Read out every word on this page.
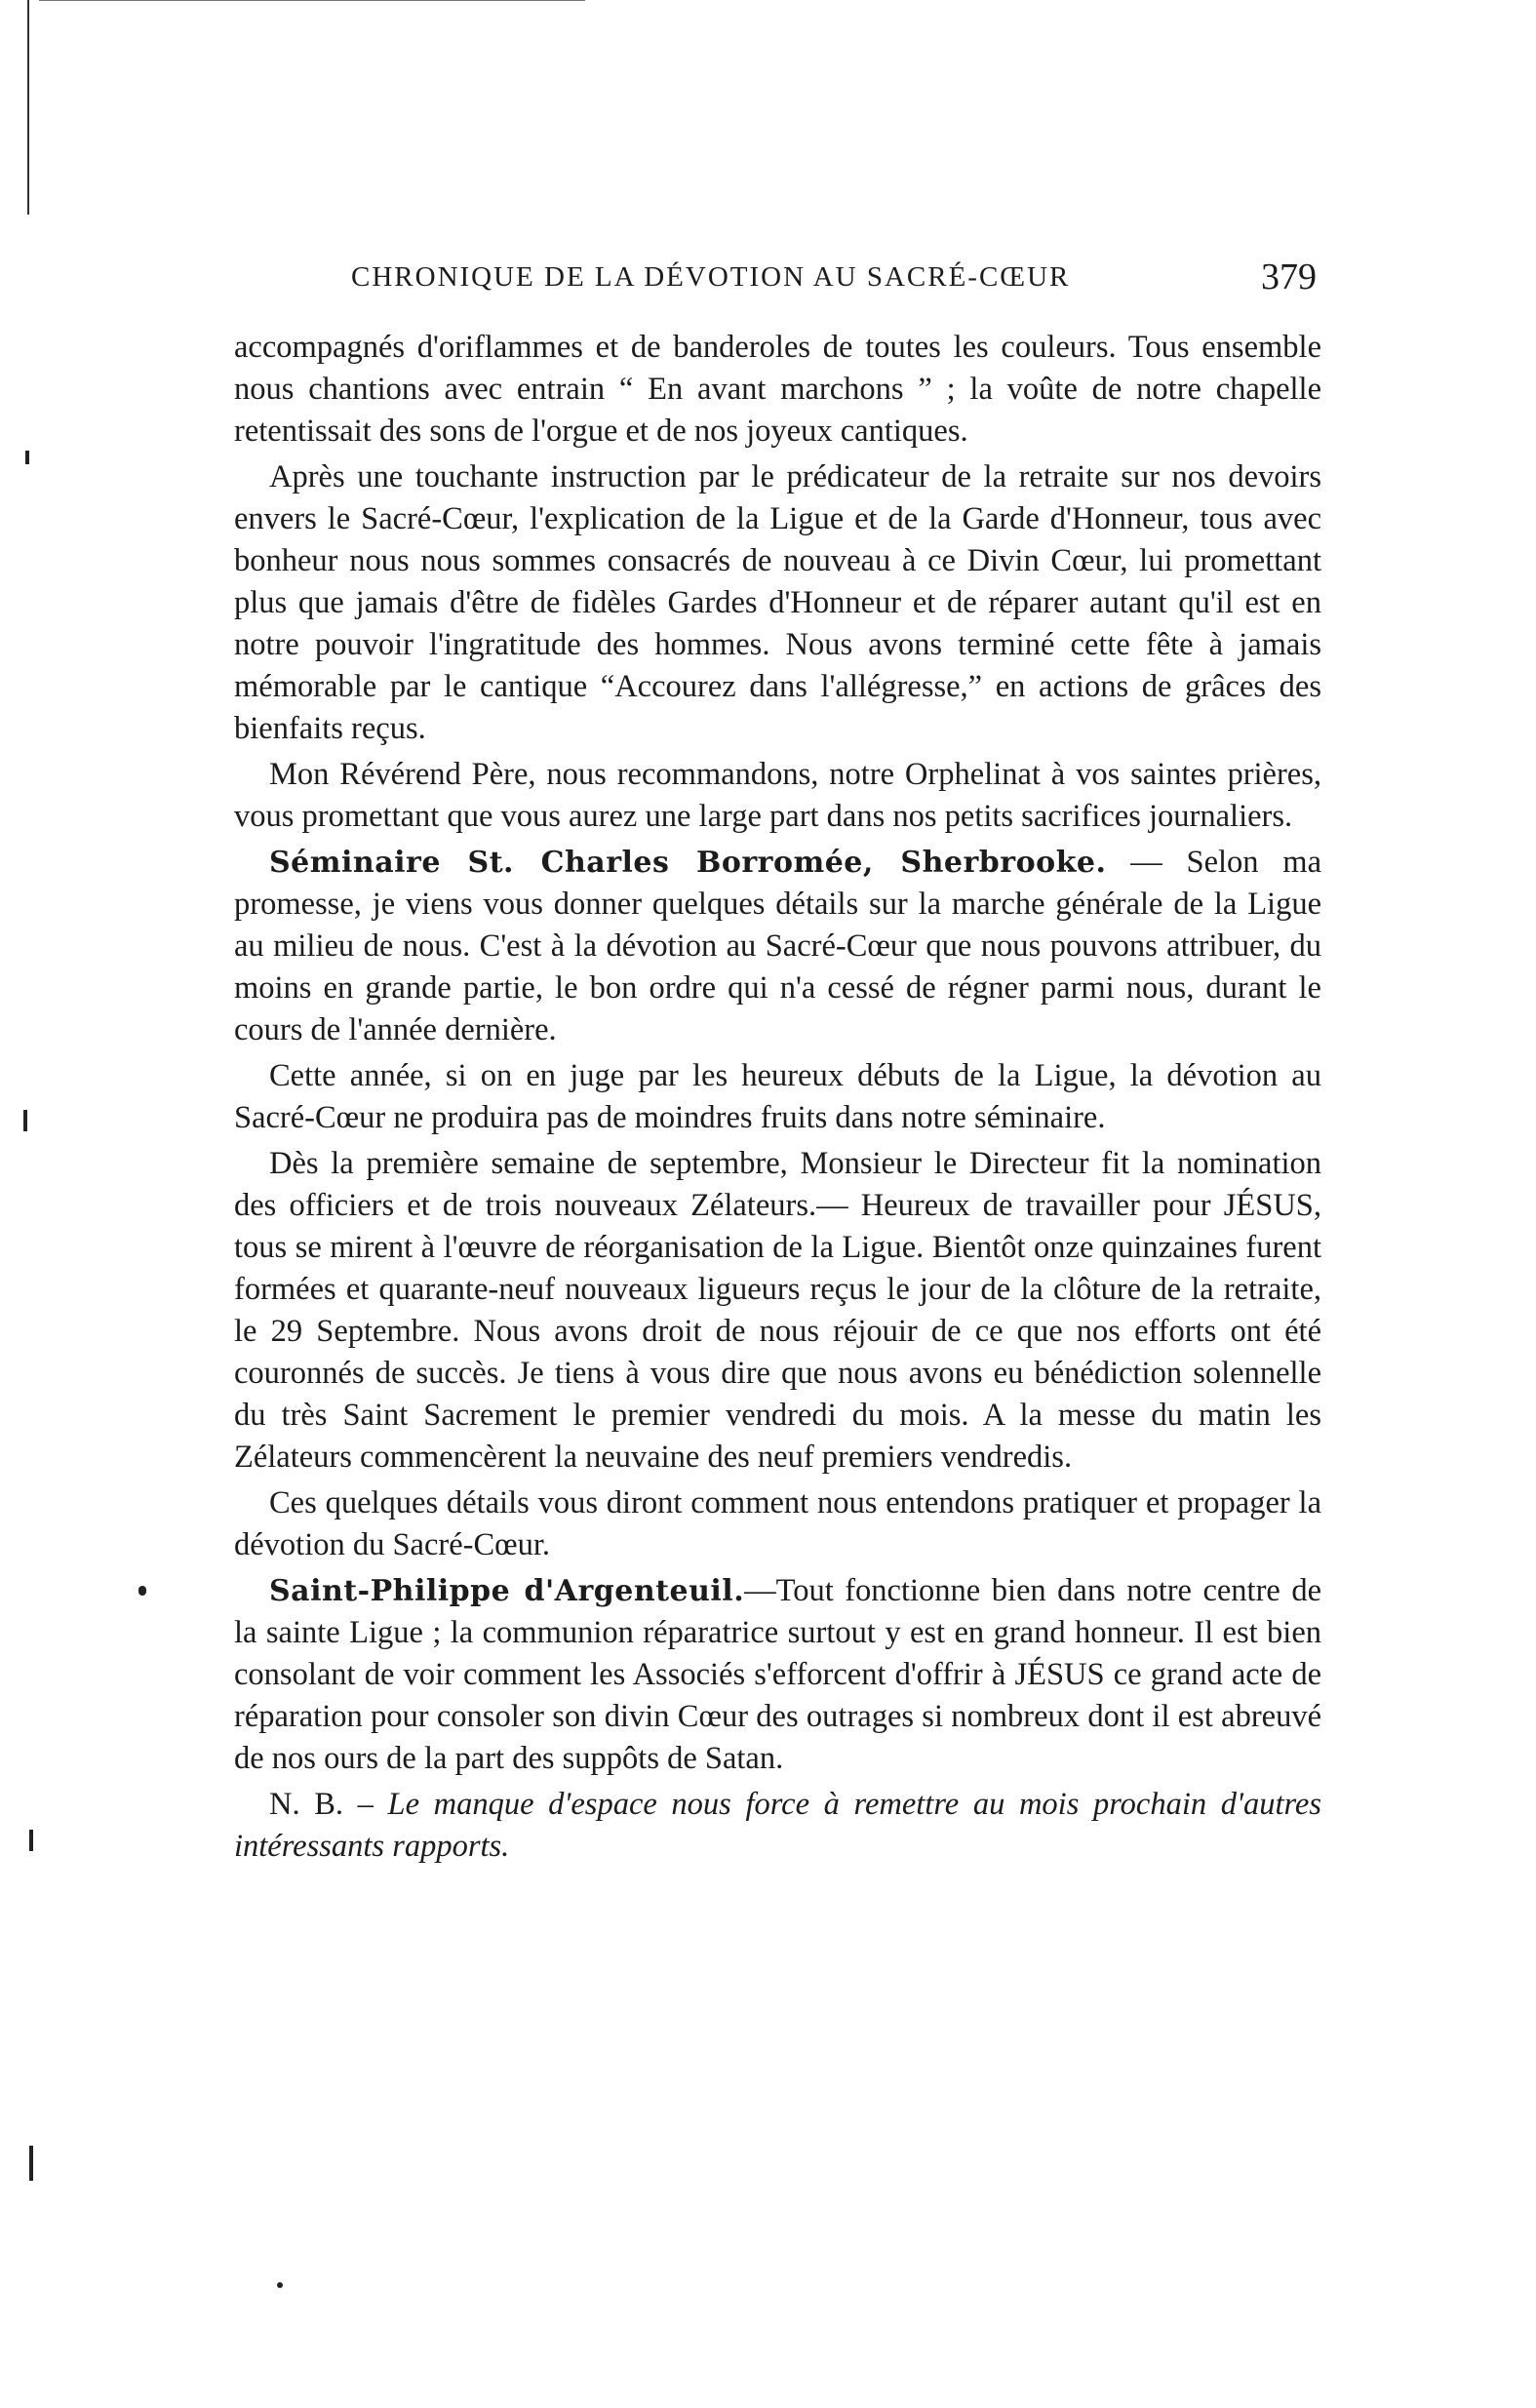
CHRONIQUE DE LA DÉVOTION AU SACRÉ-CŒUR	379

accompagnés d'oriflammes et de banderoles de toutes les couleurs. Tous ensemble nous chantions avec entrain “ En avant marchons ” ; la voûte de notre chapelle retentissait des sons de l'orgue et de nos joyeux cantiques.

Après une touchante instruction par le prédicateur de la retraite sur nos devoirs envers le Sacré-Cœur, l'explication de la Ligue et de la Garde d'Honneur, tous avec bonheur nous nous sommes consacrés de nouveau à ce Divin Cœur, lui promettant plus que jamais d'être de fidèles Gardes d'Honneur et de réparer autant qu'il est en notre pouvoir l'ingratitude des hommes. Nous avons terminé cette fête à jamais mémorable par le cantique “Accourez dans l'allégresse,” en actions de grâces des bienfaits reçus.

Mon Révérend Père, nous recommandons, notre Orphelinat à vos saintes prières, vous promettant que vous aurez une large part dans nos petits sacrifices journaliers.

Séminaire St. Charles Borromée, Sherbrooke. — Selon ma promesse, je viens vous donner quelques détails sur la marche générale de la Ligue au milieu de nous. C'est à la dévotion au Sacré-Cœur que nous pouvons attribuer, du moins en grande partie, le bon ordre qui n'a cessé de régner parmi nous, durant le cours de l'année dernière.

Cette année, si on en juge par les heureux débuts de la Ligue, la dévotion au Sacré-Cœur ne produira pas de moindres fruits dans notre séminaire.

Dès la première semaine de septembre, Monsieur le Directeur fit la nomination des officiers et de trois nouveaux Zélateurs.— Heureux de travailler pour JÉSUS, tous se mirent à l'œuvre de réorganisation de la Ligue. Bientôt onze quinzaines furent formées et quarante-neuf nouveaux ligueurs reçus le jour de la clôture de la retraite, le 29 Septembre. Nous avons droit de nous réjouir de ce que nos efforts ont été couronnés de succès. Je tiens à vous dire que nous avons eu bénédiction solennelle du très Saint Sacrement le premier vendredi du mois. A la messe du matin les Zélateurs commencèrent la neuvaine des neuf premiers vendredis.

Ces quelques détails vous diront comment nous entendons pratiquer et propager la dévotion du Sacré-Cœur.

Saint-Philippe d'Argenteuil.—Tout fonctionne bien dans notre centre de la sainte Ligue ; la communion réparatrice surtout y est en grand honneur. Il est bien consolant de voir comment les Associés s'efforcent d'offrir à JÉSUS ce grand acte de réparation pour consoler son divin Cœur des outrages si nombreux dont il est abreuvé de nos ours de la part des suppôts de Satan.

N. B. – Le manque d'espace nous force à remettre au mois prochain d'autres intéressants rapports.
